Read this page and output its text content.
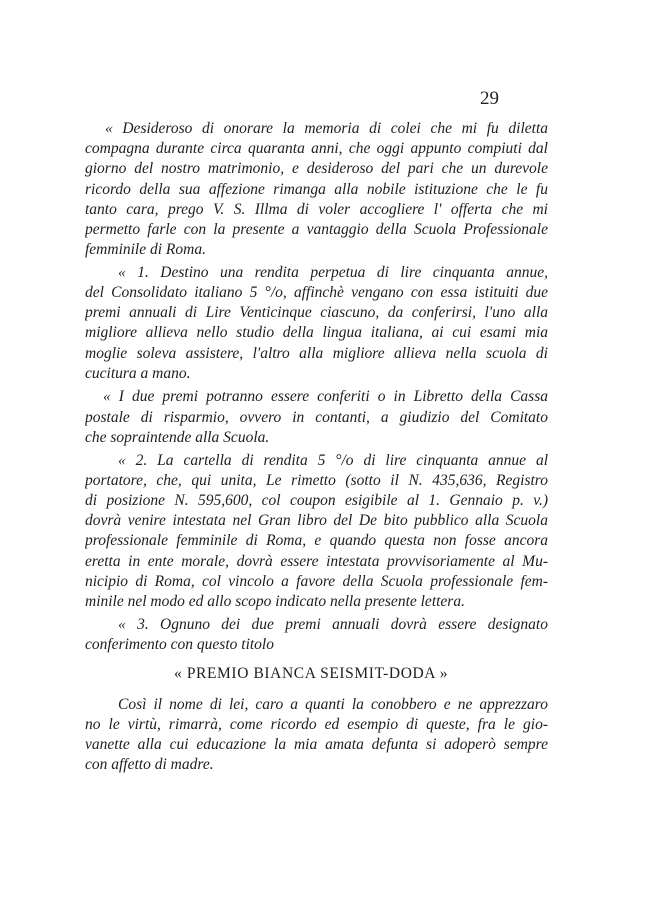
29
« Desideroso di onorare la memoria di colei che mi fu diletta
compagna durante circa quaranta anni, che oggi appunto compiuti dal
giorno del nostro matrimonio, e desideroso del pari che un durevole
ricordo della sua affezione rimanga alla nobile istituzione che le fu
tanto cara, prego V. S. Illma di voler accogliere l' offerta che mi
permetto farle con la presente a vantaggio della Scuola Professionale
femminile di Roma.
« 1. Destino una rendita perpetua di lire cinquanta annue,
del Consolidato italiano 5 °/o, affinchè vengano con essa istituiti due
premi annuali di Lire Venticinque ciascuno, da conferirsi, l'uno alla
migliore allieva nello studio della lingua italiana, ai cui esami mia
moglie soleva assistere, l'altro alla migliore allieva nella scuola di
cucitura a mano.
« I due premi potranno essere conferiti o in Libretto della Cassa
postale di risparmio, ovvero in contanti, a giudizio del Comitato
che sopraintende alla Scuola.
« 2. La cartella di rendita 5 °/o di lire cinquanta annue al
portatore, che, qui unita, Le rimetto (sotto il N. 435,636, Registro
di posizione N. 595,600, col coupon esigibile al 1. Gennaio p. v.)
dovrà venire intestata nel Gran libro del De bito pubblico alla Scuola
professionale femminile di Roma, e quando questa non fosse ancora
eretta in ente morale, dovrà essere intestata provvisoriamente al Mu-
nicipio di Roma, col vincolo a favore della Scuola professionale fem-
minile nel modo ed allo scopo indicato nella presente lettera.
« 3. Ognuno dei due premi annuali dovrà essere designato
conferimento con questo titolo
« PREMIO BIANCA SEISMIT-DODA »
Così il nome di lei, caro a quanti la conobbero e ne apprezzaro
no le virtù, rimarrà, come ricordo ed esempio di queste, fra le gio-
vanette alla cui educazione la mia amata defunta si adoperò sempre
con affetto di madre.
